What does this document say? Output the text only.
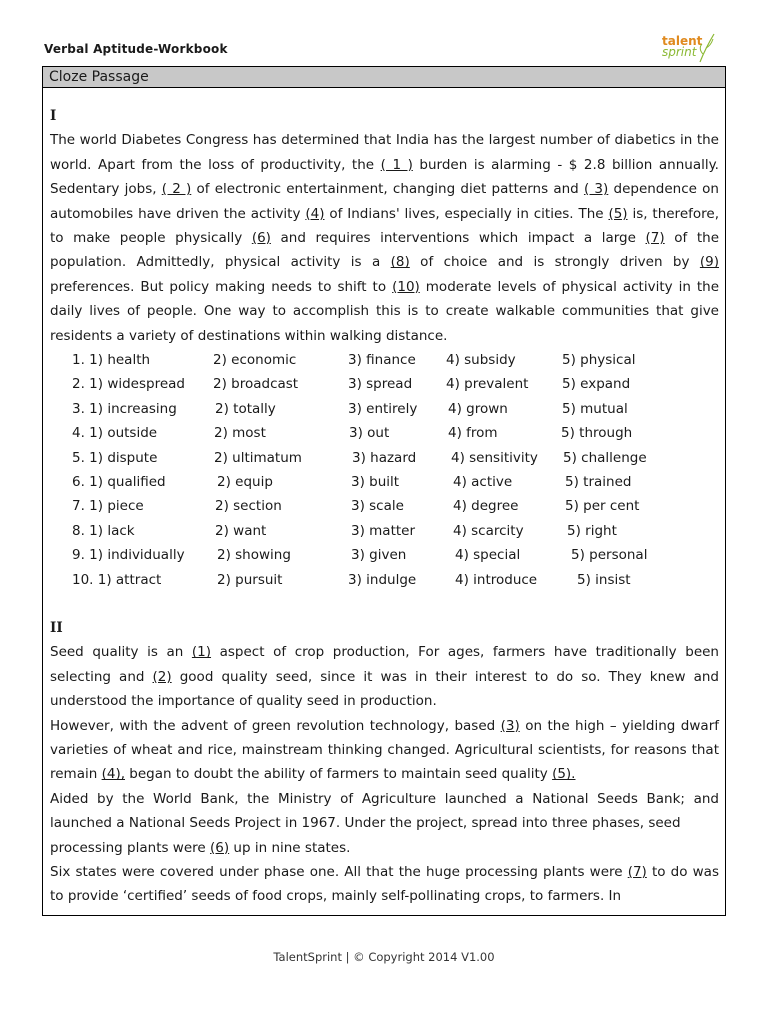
Verbal Aptitude-Workbook
talent
sprint
Cloze Passage
I

The world Diabetes Congress has determined that India has the largest number of diabetics in the world. Apart from the loss of productivity, the ( 1 ) burden is alarming - $ 2.8 billion annually. Sedentary jobs, ( 2 ) of electronic entertainment, changing diet patterns and ( 3) dependence on automobiles have driven the activity (4) of Indians' lives, especially in cities. The (5) is, therefore, to make people physically (6) and requires interventions which impact a large (7) of the population. Admittedly, physical activity is a (8) of choice and is strongly driven by (9) preferences. But policy making needs to shift to (10) moderate levels of physical activity in the daily lives of people. One way to accomplish this is to create walkable communities that give residents a variety of destinations within walking distance.

1. 1) health	2) economic	3) finance 4) subsidy	5) physical
2. 1) widespread 2) broadcast	3) spread	4) prevalent 5) expand
3. 1) increasing	2) totally	3) entirely 4) grown	5) mutual
4. 1) outside	2) most	3) out	4) from	5) through
5. 1) dispute	2) ultimatum	3) hazard	4) sensitivity 5) challenge
6. 1) qualified	2) equip	3) built	4) active	5) trained
7. 1) piece	2) section	3) scale	4) degree	5) per cent
8. 1) lack	2) want	3) matter	4) scarcity	5) right
9. 1) individually 2) showing	3) given	4) special	5) personal
10. 1) attract	2) pursuit	3) indulge	4) introduce	5) insist
II

Seed quality is an (1) aspect of crop production, For ages, farmers have traditionally been selecting and (2) good quality seed, since it was in their interest to do so. They knew and understood the importance of quality seed in production.

However, with the advent of green revolution technology, based (3) on the high – yielding dwarf varieties of wheat and rice, mainstream thinking changed. Agricultural scientists, for reasons that remain (4), began to doubt the ability of farmers to maintain seed quality (5).

Aided by the World Bank, the Ministry of Agriculture launched a National Seeds Bank; and launched a National Seeds Project in 1967. Under the project, spread into three phases, seed

processing plants were (6) up in nine states.

Six states were covered under phase one. All that the huge processing plants were (7) to do was to provide ‘certified’ seeds of food crops, mainly self-pollinating crops, to farmers. In

TalentSprint | © Copyright 2014 V1.00
